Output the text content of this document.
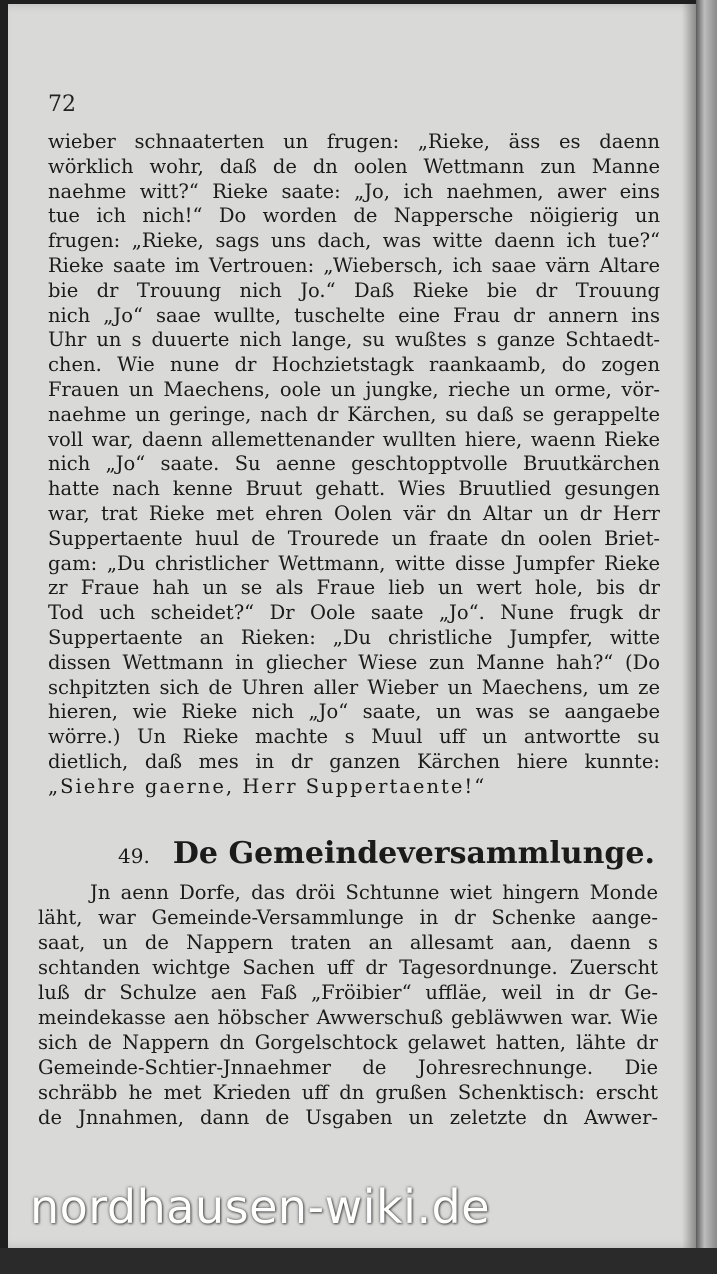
72
wieber schnaaterten un frugen: „Rieke, äss es daenn
wörklich wohr, daß de dn oolen Wettmann zun Manne
naehme witt?“ Rieke saate: „Jo, ich naehmen, awer eins
tue ich nich!“ Do worden de Nappersche nöigierig un
frugen: „Rieke, sags uns dach, was witte daenn ich tue?“
Rieke saate im Vertrouen: „Wiebersch, ich saae värn Altare
bie dr Trouung nich Jo.“ Daß Rieke bie dr Trouung
nich „Jo“ saae wullte, tuschelte eine Frau dr annern ins
Uhr un s duuerte nich lange, su wußtes s ganze Schtaedt-
chen. Wie nune dr Hochzietstagk raankaamb, do zogen
Frauen un Maechens, oole un jungke, rieche un orme, vör-
naehme un geringe, nach dr Kärchen, su daß se gerappelte
voll war, daenn allemettenander wullten hiere, waenn Rieke
nich „Jo“ saate. Su aenne geschtopptvolle Bruutkärchen
hatte nach kenne Bruut gehatt. Wies Bruutlied gesungen
war, trat Rieke met ehren Oolen vär dn Altar un dr Herr
Suppertaente huul de Trourede un fraate dn oolen Briet-
gam: „Du christlicher Wettmann, witte disse Jumpfer Rieke
zr Fraue hah un se als Fraue lieb un wert hole, bis dr
Tod uch scheidet?“ Dr Oole saate „Jo“. Nune frugk dr
Suppertaente an Rieken: „Du christliche Jumpfer, witte
dissen Wettmann in gliecher Wiese zun Manne hah?“ (Do
schpitzten sich de Uhren aller Wieber un Maechens, um ze
hieren, wie Rieke nich „Jo“ saate, un was se aangaebe
wörre.) Un Rieke machte s Muul uff un antwortte su
dietlich, daß mes in dr ganzen Kärchen hiere kunnte:
„Siehre gaerne, Herr Suppertaente!“
49. De Gemeindeversammlunge.
Jn aenn Dorfe, das dröi Schtunne wiet hingern Monde
läht, war Gemeinde-Versammlunge in dr Schenke aange-
saat, un de Nappern traten an allesamt aan, daenn s
schtanden wichtge Sachen uff dr Tagesordnunge. Zuerscht
luß dr Schulze aen Faß „Fröibier“ uffläe, weil in dr Ge-
meindekasse aen höbscher Awwerschuß gebläwwen war. Wie
sich de Nappern dn Gorgelschtock gelawet hatten, lähte dr
Gemeinde-Schtier-Jnnaehmer de Johresrechnunge. Die
schräbb he met Krieden uff dn grußen Schenktisch: erscht
de Jnnahmen, dann de Usgaben un zeletzte dn Awwer-
nordhausen-wiki.de
